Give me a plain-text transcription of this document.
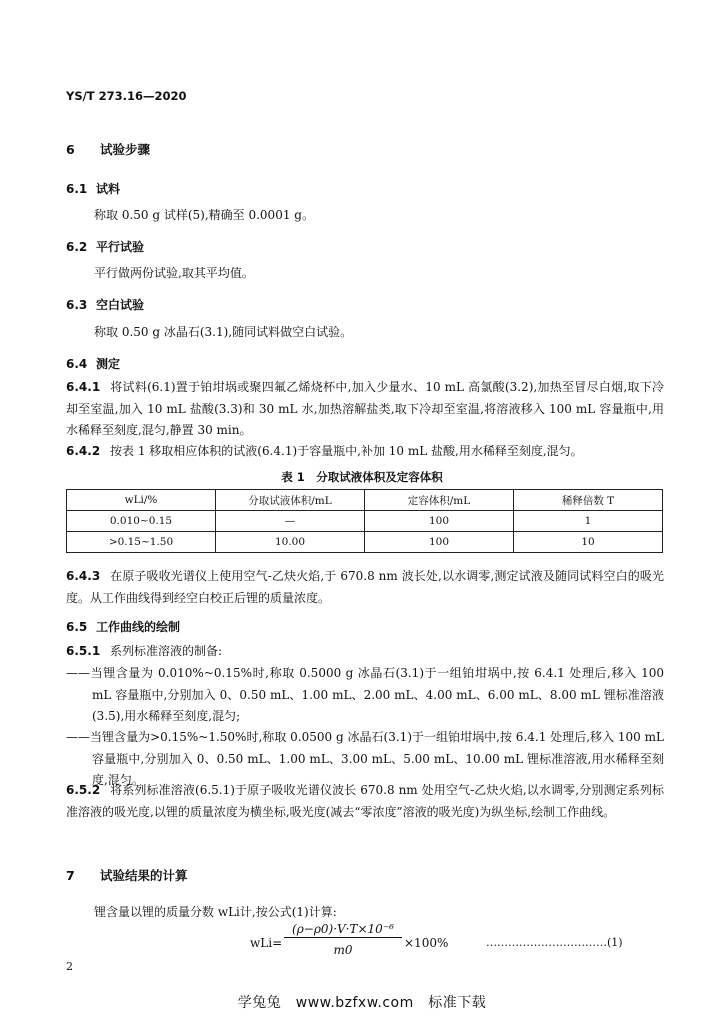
YS/T 273.16—2020
6 试验步骤
6.1 试料
称取 0.50 g 试样(5),精确至 0.0001 g。
6.2 平行试验
平行做两份试验,取其平均值。
6.3 空白试验
称取 0.50 g 冰晶石(3.1),随同试料做空白试验。
6.4 测定
6.4.1 将试料(6.1)置于铂坩埚或聚四氟乙烯烧杯中,加入少量水、10 mL 高氯酸(3.2),加热至冒尽白烟,取下冷却至室温,加入 10 mL 盐酸(3.3)和 30 mL 水,加热溶解盐类,取下冷却至室温,将溶液移入 100 mL 容量瓶中,用水稀释至刻度,混匀,静置 30 min。
6.4.2 按表 1 移取相应体积的试液(6.4.1)于容量瓶中,补加 10 mL 盐酸,用水稀释至刻度,混匀。
表 1　分取试液体积及定容体积
wLi/%	分取试液体积/mL	定容体积/mL	稀释倍数 T
0.010~0.15	—	100	1
>0.15~1.50	10.00	100	10
6.4.3 在原子吸收光谱仪上使用空气-乙炔火焰,于 670.8 nm 波长处,以水调零,测定试液及随同试料空白的吸光度。从工作曲线得到经空白校正后锂的质量浓度。
6.5 工作曲线的绘制
6.5.1 系列标准溶液的制备:
——当锂含量为 0.010%~0.15%时,称取 0.5000 g 冰晶石(3.1)于一组铂坩埚中,按 6.4.1 处理后,移入 100 mL 容量瓶中,分别加入 0、0.50 mL、1.00 mL、2.00 mL、4.00 mL、6.00 mL、8.00 mL 锂标准溶液(3.5),用水稀释至刻度,混匀;
——当锂含量为>0.15%~1.50%时,称取 0.0500 g 冰晶石(3.1)于一组铂坩埚中,按 6.4.1 处理后,移入 100 mL 容量瓶中,分别加入 0、0.50 mL、1.00 mL、3.00 mL、5.00 mL、10.00 mL 锂标准溶液,用水稀释至刻度,混匀。
6.5.2 将系列标准溶液(6.5.1)于原子吸收光谱仪波长 670.8 nm 处用空气-乙炔火焰,以水调零,分别测定系列标准溶液的吸光度,以锂的质量浓度为横坐标,吸光度(减去“零浓度”溶液的吸光度)为纵坐标,绘制工作曲线。
7 试验结果的计算
锂含量以锂的质量分数 wLi计,按公式(1)计算:
wLi=
(ρ−ρ0)·V·T×10⁻⁶
m0	×100%	……………………………(1)
2
学兔兔　www.bzfxw.com　标准下载
